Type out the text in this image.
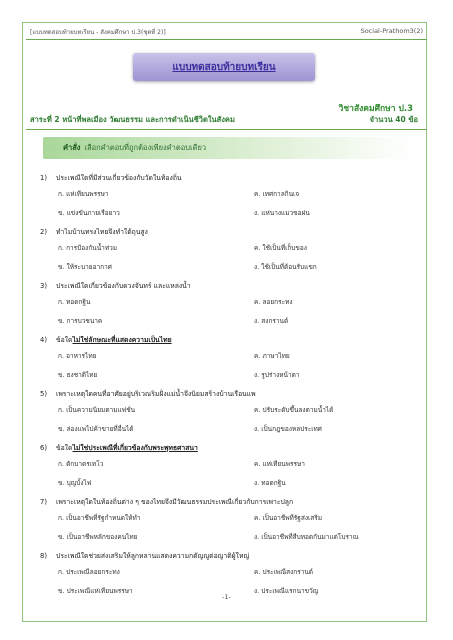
[แบบทดสอบท้ายบทเรียน - สังคมศึกษา ป.3(ชุดที่ 2)]	Social-Prathom3(2)
แบบทดสอบท้ายบทเรียน
วิชาสังคมศึกษา ป.3
สาระที่ 2 หน้าที่พลเมือง วัฒนธรรม และการดำเนินชีวิตในสังคม	จำนวน 40 ข้อ
คำสั่ง เลือกคำตอบที่ถูกต้องเพียงคำตอบเดียว
1) ประเพณีใดที่มีส่วนเกี่ยวข้องกับวัดในท้องถิ่น
ก. แห่เทียนพรรษา	ค. เทศกาลกินเจ
ข. แข่งขันภายเรือยาว	ง. แห่นางแมวขอฝน
2) ทำไมบ้านทรงไทยจึงทำใต้ถุนสูง
ก. การป้องกันน้ำท่วม	ค. ใช้เป็นที่เก็บของ
ข. ให้ระบายอากาศ	ง. ใช้เป็นที่ต้อนรับแขก
3) ประเพณีใดเกี่ยวข้องกับดวงจันทร์ และแหล่งน้ำ
ก. ทอดกฐิน	ค. ลอยกระทง
ข. การบวชนาค	ง. สงกรานต์
4) ข้อใดไม่ใช่ลักษณะที่แสดงความเป็นไทย
ก. อาหารไทย	ค. ภาษาไทย
ข. ธงชาติไทย	ง. รูปร่างหน้าตา
5) เพราะเหตุใดคนที่อาศัยอยู่บริเวณริมฝั่งแม่น้ำจึงนิยมสร้างบ้านเรือนแพ
ก. เป็นความนิยมตามแฟชั่น	ค. ปรับระดับขึ้นลงตามน้ำได้
ข. ล่องแพไปค้าขายที่อื่นได้	ง. เป็นกฎของหลประเทศ
6) ข้อใดไม่ใช่ประเพณีที่เกี่ยวข้องกับพระพุทธศาสนา
ก. ตักบาตรเทโว	ค. แห่เทียนพรรษา
ข. บุญบั้งไฟ	ง. ทอดกฐิน
7) เพราะเหตุใดในท้องถิ่นต่าง ๆ ของไทยจึงมีวัฒนธรรมประเพณีเกี่ยวกับการเพาะปลูก
ก. เป็นอาชีพที่รัฐกำหนดให้ทำ	ค. เป็นอาชีพที่รัฐส่งเสริม
ข. เป็นอาชีพหลักของคนไทย	ง. เป็นอาชีพที่สืบทอดกันมาแต่โบราณ
8) ประเพณีใดช่วยส่งเสริมให้ลูกหลานแสดงความกตัญญูต่อญาติผู้ใหญ่
ก. ประเพณีลอยกระทง	ค. ประเพณีสงกรานต์
ข. ประเพณีแห่เทียนพรรษา	ง. ประเพณีแรกนาขวัญ
-1-
